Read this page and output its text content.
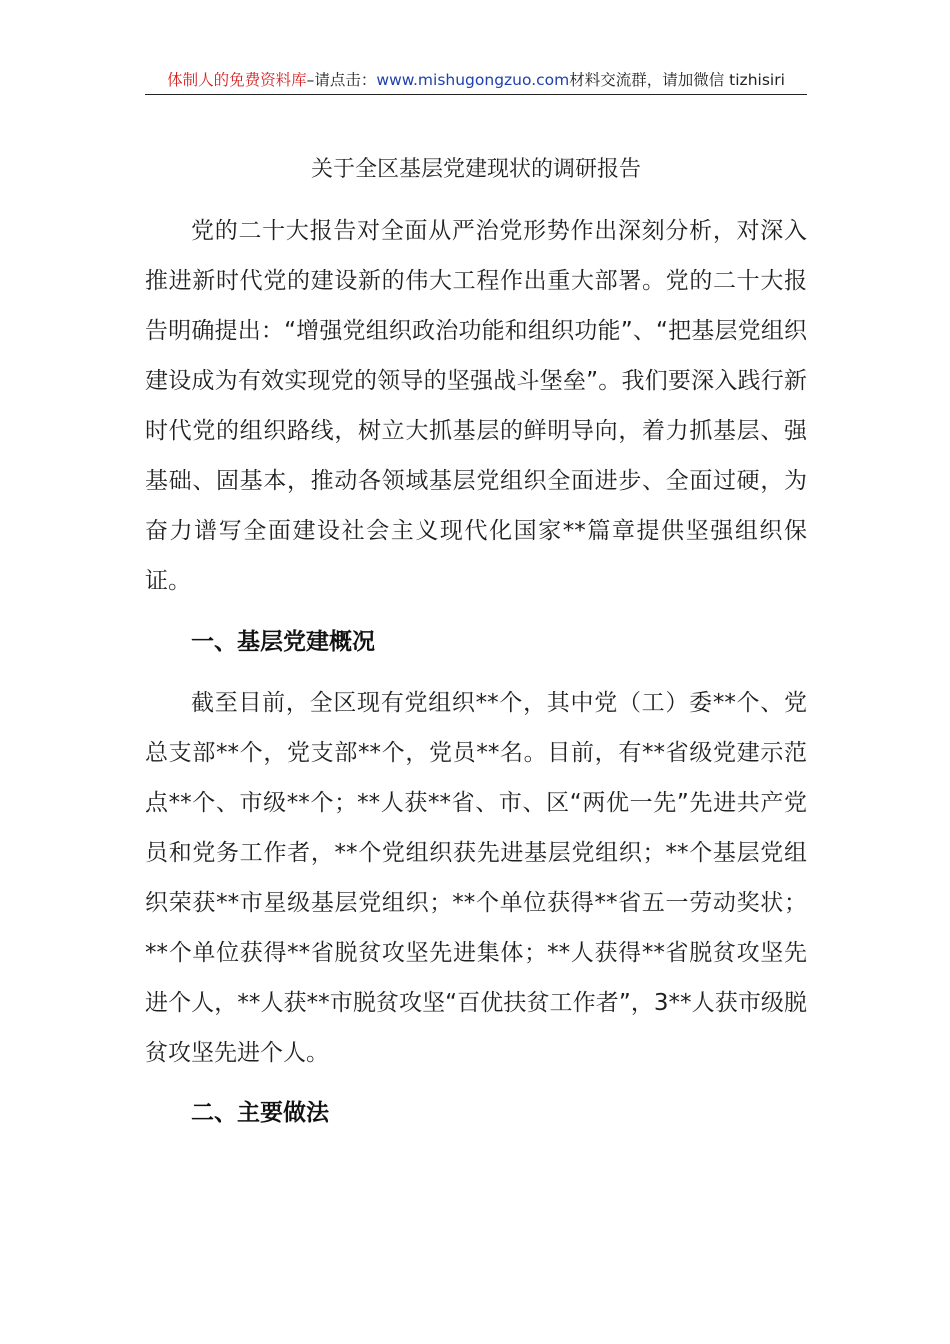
体制人的免费资料库–请点击：www.mishugongzuo.com材料交流群，请加微信 tizhisiri
关于全区基层党建现状的调研报告

党的二十大报告对全面从严治党形势作出深刻分析，对深入推进新时代党的建设新的伟大工程作出重大部署。党的二十大报告明确提出：“增强党组织政治功能和组织功能”、“把基层党组织建设成为有效实现党的领导的坚强战斗堡垒”。我们要深入践行新时代党的组织路线，树立大抓基层的鲜明导向，着力抓基层、强基础、固基本，推动各领域基层党组织全面进步、全面过硬，为奋力谱写全面建设社会主义现代化国家**篇章提供坚强组织保证。

一、基层党建概况

截至目前，全区现有党组织**个，其中党（工）委**个、党总支部**个，党支部**个，党员**名。目前，有**省级党建示范点**个、市级**个；**人获**省、市、区“两优一先”先进共产党员和党务工作者，**个党组织获先进基层党组织；**个基层党组织荣获**市星级基层党组织；**个单位获得**省五一劳动奖状；**个单位获得**省脱贫攻坚先进集体；**人获得**省脱贫攻坚先进个人，**人获**市脱贫攻坚“百优扶贫工作者”，3**人获市级脱贫攻坚先进个人。

二、主要做法
